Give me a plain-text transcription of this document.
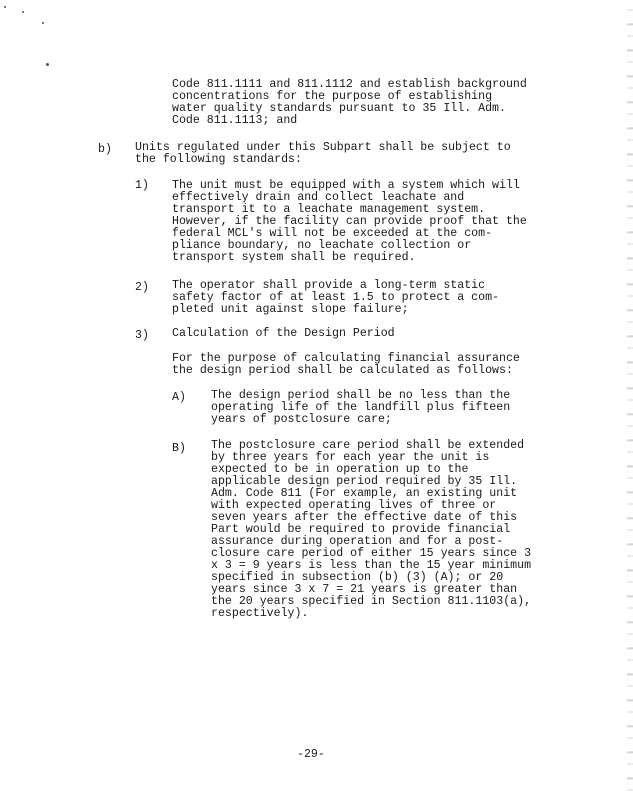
Code 811.1111 and 811.1112 and establish background
concentrations for the purpose of establishing
water quality standards pursuant to 35 Ill. Adm.
Code 811.1113; and
b) Units regulated under this Subpart shall be subject to
the following standards:
1) The unit must be equipped with a system which will
effectively drain and collect leachate and
transport it to a leachate management system.
However, if the facility can provide proof that the
federal MCL's will not be exceeded at the com-
pliance boundary, no leachate collection or
transport system shall be required.
2) The operator shall provide a long-term static
safety factor of at least 1.5 to protect a com-
pleted unit against slope failure;
3) Calculation of the Design Period
For the purpose of calculating financial assurance
the design period shall be calculated as follows:
A) The design period shall be no less than the
operating life of the landfill plus fifteen
years of postclosure care;
B) The postclosure care period shall be extended
by three years for each year the unit is
expected to be in operation up to the
applicable design period required by 35 Ill.
Adm. Code 811 (For example, an existing unit
with expected operating lives of three or
seven years after the effective date of this
Part would be required to provide financial
assurance during operation and for a post-
closure care period of either 15 years since 3
x 3 = 9 years is less than the 15 year minimum
specified in subsection (b) (3) (A); or 20
years since 3 x 7 = 21 years is greater than
the 20 years specified in Section 811.1103(a),
respectively).
-29-
